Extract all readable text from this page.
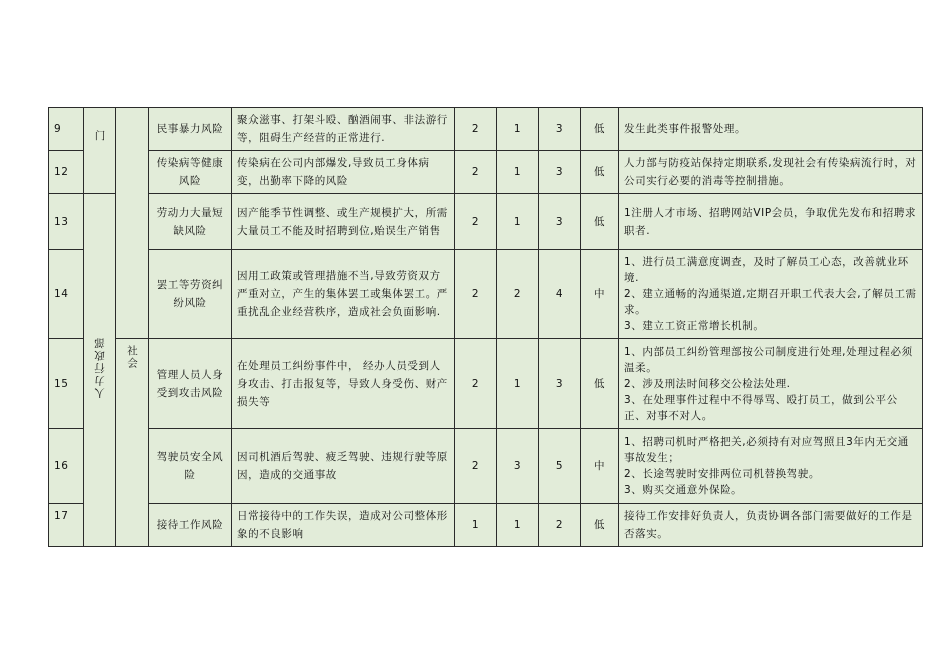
9	门		民事暴力风险	聚众滋事、打架斗殴、酗酒闹事、非法游行等，阻碍生产经营的正常进行.	2	1	3	低	发生此类事件报警处理。
12			传染病等健康风险	传染病在公司内部爆发,导致员工身体病变，出勤率下降的风险	2	1	3	低	人力部与防疫站保持定期联系,发现社会有传染病流行时，对公司实行必要的消毒等控制措施。
13	人力行政部		劳动力大量短缺风险	因产能季节性调整、或生产规模扩大，所需大量员工不能及时招聘到位,贻误生产销售	2	1	3	低	1注册人才市场、招聘网站VIP会员，争取优先发布和招聘求职者.
14			罢工等劳资纠纷风险	因用工政策或管理措施不当,导致劳资双方严重对立，产生的集体罢工或集体罢工。严重扰乱企业经营秩序，造成社会负面影响.	2	2	4	中	1、进行员工满意度调查，及时了解员工心态，改善就业环境.
2、建立通畅的沟通渠道,定期召开职工代表大会,了解员工需求。
3、建立工资正常增长机制。

15		社会	管理人员人身受到攻击风险	在处理员工纠纷事件中， 经办人员受到人身攻击、打击报复等，导致人身受伤、财产损失等	2	1	3	低	1、内部员工纠纷管理部按公司制度进行处理,处理过程必须温柔。
2、涉及刑法时间移交公检法处理.
3、在处理事件过程中不得辱骂、殴打员工，做到公平公正、对事不对人。

16			驾驶员安全风险	因司机酒后驾驶、疲乏驾驶、违规行驶等原因，造成的交通事故	2	3	5	中	1、招聘司机时严格把关,必须持有对应驾照且3年内无交通事故发生；
2、长途驾驶时安排两位司机替换驾驶。
3、购买交通意外保险。

17			接待工作风险	日常接待中的工作失误，造成对公司整体形象的不良影响	1	1	2	低	接待工作安排好负责人，负责协调各部门需要做好的工作是否落实。
